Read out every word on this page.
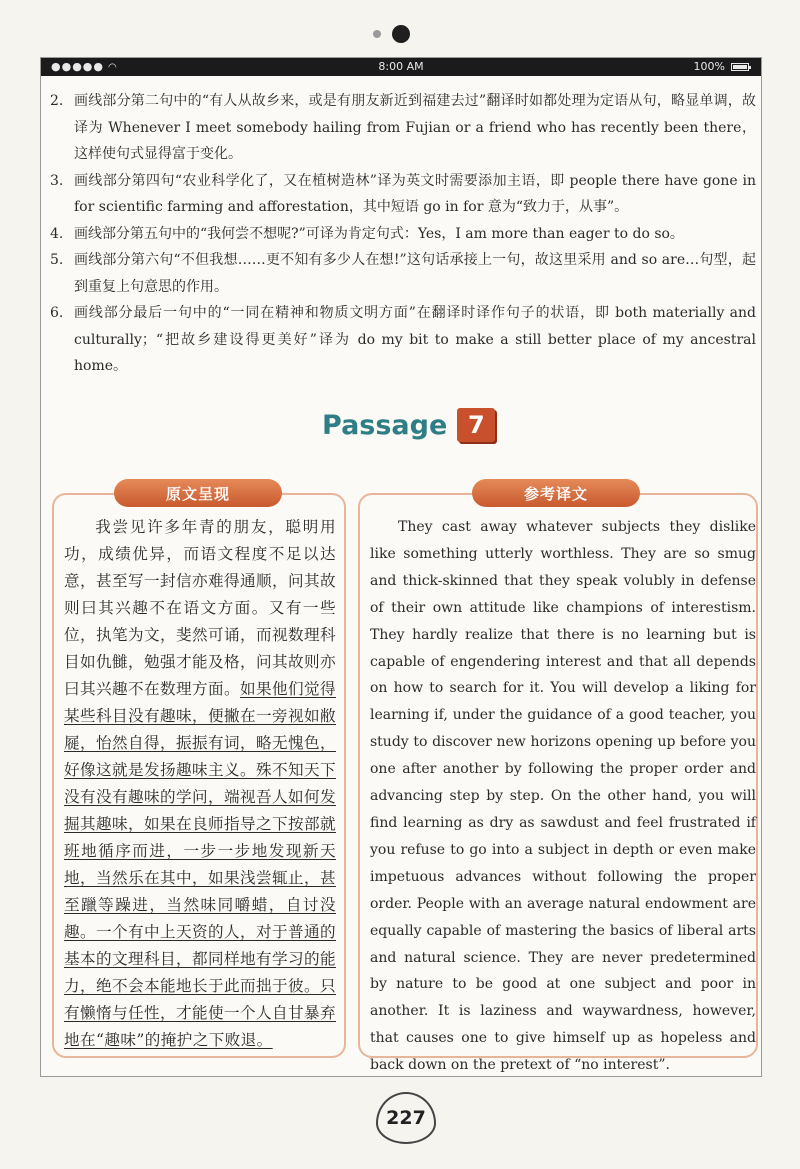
●●●●● ◠	8:00 AM	100%
2. 画线部分第二句中的“有人从故乡来，或是有朋友新近到福建去过”翻译时如都处理为定语从句，略显单调，故译为 Whenever I meet somebody hailing from Fujian or a friend who has recently been there，这样使句式显得富于变化。
3. 画线部分第四句“农业科学化了，又在植树造林”译为英文时需要添加主语，即 people there have gone in for scientific farming and afforestation，其中短语 go in for 意为“致力于，从事”。
4. 画线部分第五句中的“我何尝不想呢?”可译为肯定句式：Yes，I am more than eager to do so。
5. 画线部分第六句“不但我想……更不知有多少人在想!”这句话承接上一句，故这里采用 and so are…句型，起到重复上句意思的作用。
6. 画线部分最后一句中的“一同在精神和物质文明方面”在翻译时译作句子的状语，即 both materially and culturally；“把故乡建设得更美好”译为 do my bit to make a still better place of my ancestral home。
Passage 7
原文呈现	参考译文
我尝见许多年青的朋友，聪明用功，成绩优异，而语文程度不足以达意，甚至写一封信亦难得通顺，问其故则曰其兴趣不在语文方面。又有一些位，执笔为文，斐然可诵，而视数理科目如仇雠，勉强才能及格，问其故则亦曰其兴趣不在数理方面。如果他们觉得某些科目没有趣味，便撇在一旁视如敝屣，怡然自得，振振有词，略无愧色，好像这就是发扬趣味主义。殊不知天下没有没有趣味的学问，端视吾人如何发掘其趣味，如果在良师指导之下按部就班地循序而进，一步一步地发现新天地，当然乐在其中，如果浅尝辄止，甚至躐等躁进，当然味同嚼蜡，自讨没趣。一个有中上天资的人，对于普通的基本的文理科目，都同样地有学习的能力，绝不会本能地长于此而拙于彼。只有懒惰与任性，才能使一个人自甘暴弃地在“趣味”的掩护之下败退。
They cast away whatever subjects they dislike like something utterly worthless. They are so smug and thick-skinned that they speak volubly in defense of their own attitude like champions of interestism. They hardly realize that there is no learning but is capable of engendering interest and that all depends on how to search for it. You will develop a liking for learning if, under the guidance of a good teacher, you study to discover new horizons opening up before you one after another by following the proper order and advancing step by step. On the other hand, you will find learning as dry as sawdust and feel frustrated if you refuse to go into a subject in depth or even make impetuous advances without following the proper order. People with an average natural endowment are equally capable of mastering the basics of liberal arts and natural science. They are never predetermined by nature to be good at one subject and poor in another. It is laziness and waywardness, however, that causes one to give himself up as hopeless and back down on the pretext of “no interest”.
227
